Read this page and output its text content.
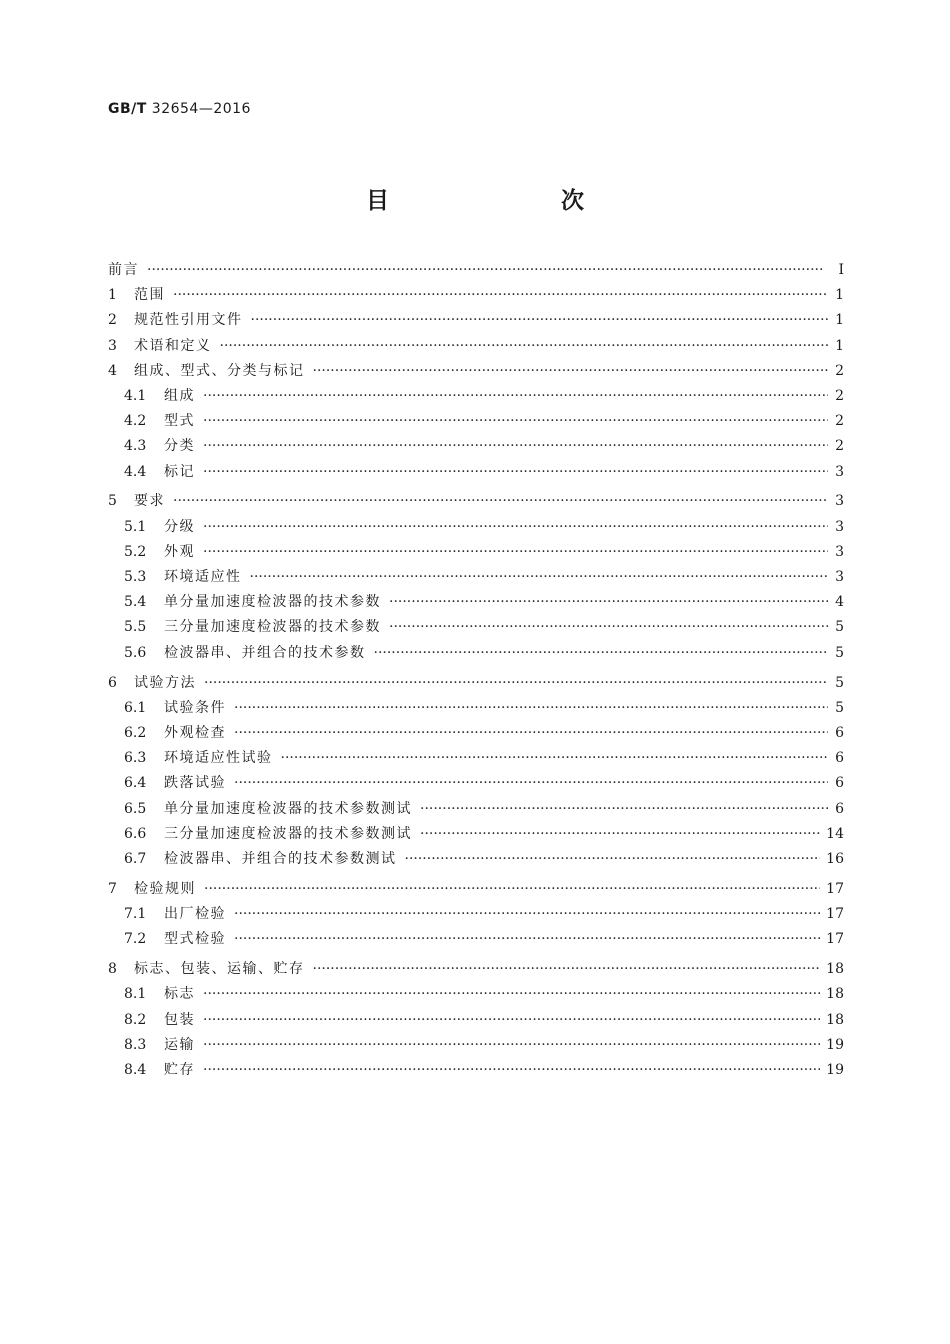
GB/T 32654—2016
目　　次
前言 ·····	Ⅰ
1	范围 ·····	1
2	规范性引用文件 ·····	1
3	术语和定义 ·····	1
4	组成、型式、分类与标记 ·····	2
4.1	组成 ·····	2
4.2	型式 ·····	2
4.3	分类 ·····	2
4.4	标记 ·····	3
5	要求 ·····	3
5.1	分级 ·····	3
5.2	外观 ·····	3
5.3	环境适应性 ·····	3
5.4	单分量加速度检波器的技术参数 ·····	4
5.5	三分量加速度检波器的技术参数 ·····	5
5.6	检波器串、并组合的技术参数 ·····	5
6	试验方法 ·····	5
6.1	试验条件 ·····	5
6.2	外观检查 ·····	6
6.3	环境适应性试验 ·····	6
6.4	跌落试验 ·····	6
6.5	单分量加速度检波器的技术参数测试 ·····	6
6.6	三分量加速度检波器的技术参数测试 ·····	14
6.7	检波器串、并组合的技术参数测试 ·····	16
7	检验规则 ·····	17
7.1	出厂检验 ·····	17
7.2	型式检验 ·····	17
8	标志、包装、运输、贮存 ·····	18
8.1	标志 ·····	18
8.2	包装 ·····	18
8.3	运输 ·····	19
8.4	贮存 ·····	19
